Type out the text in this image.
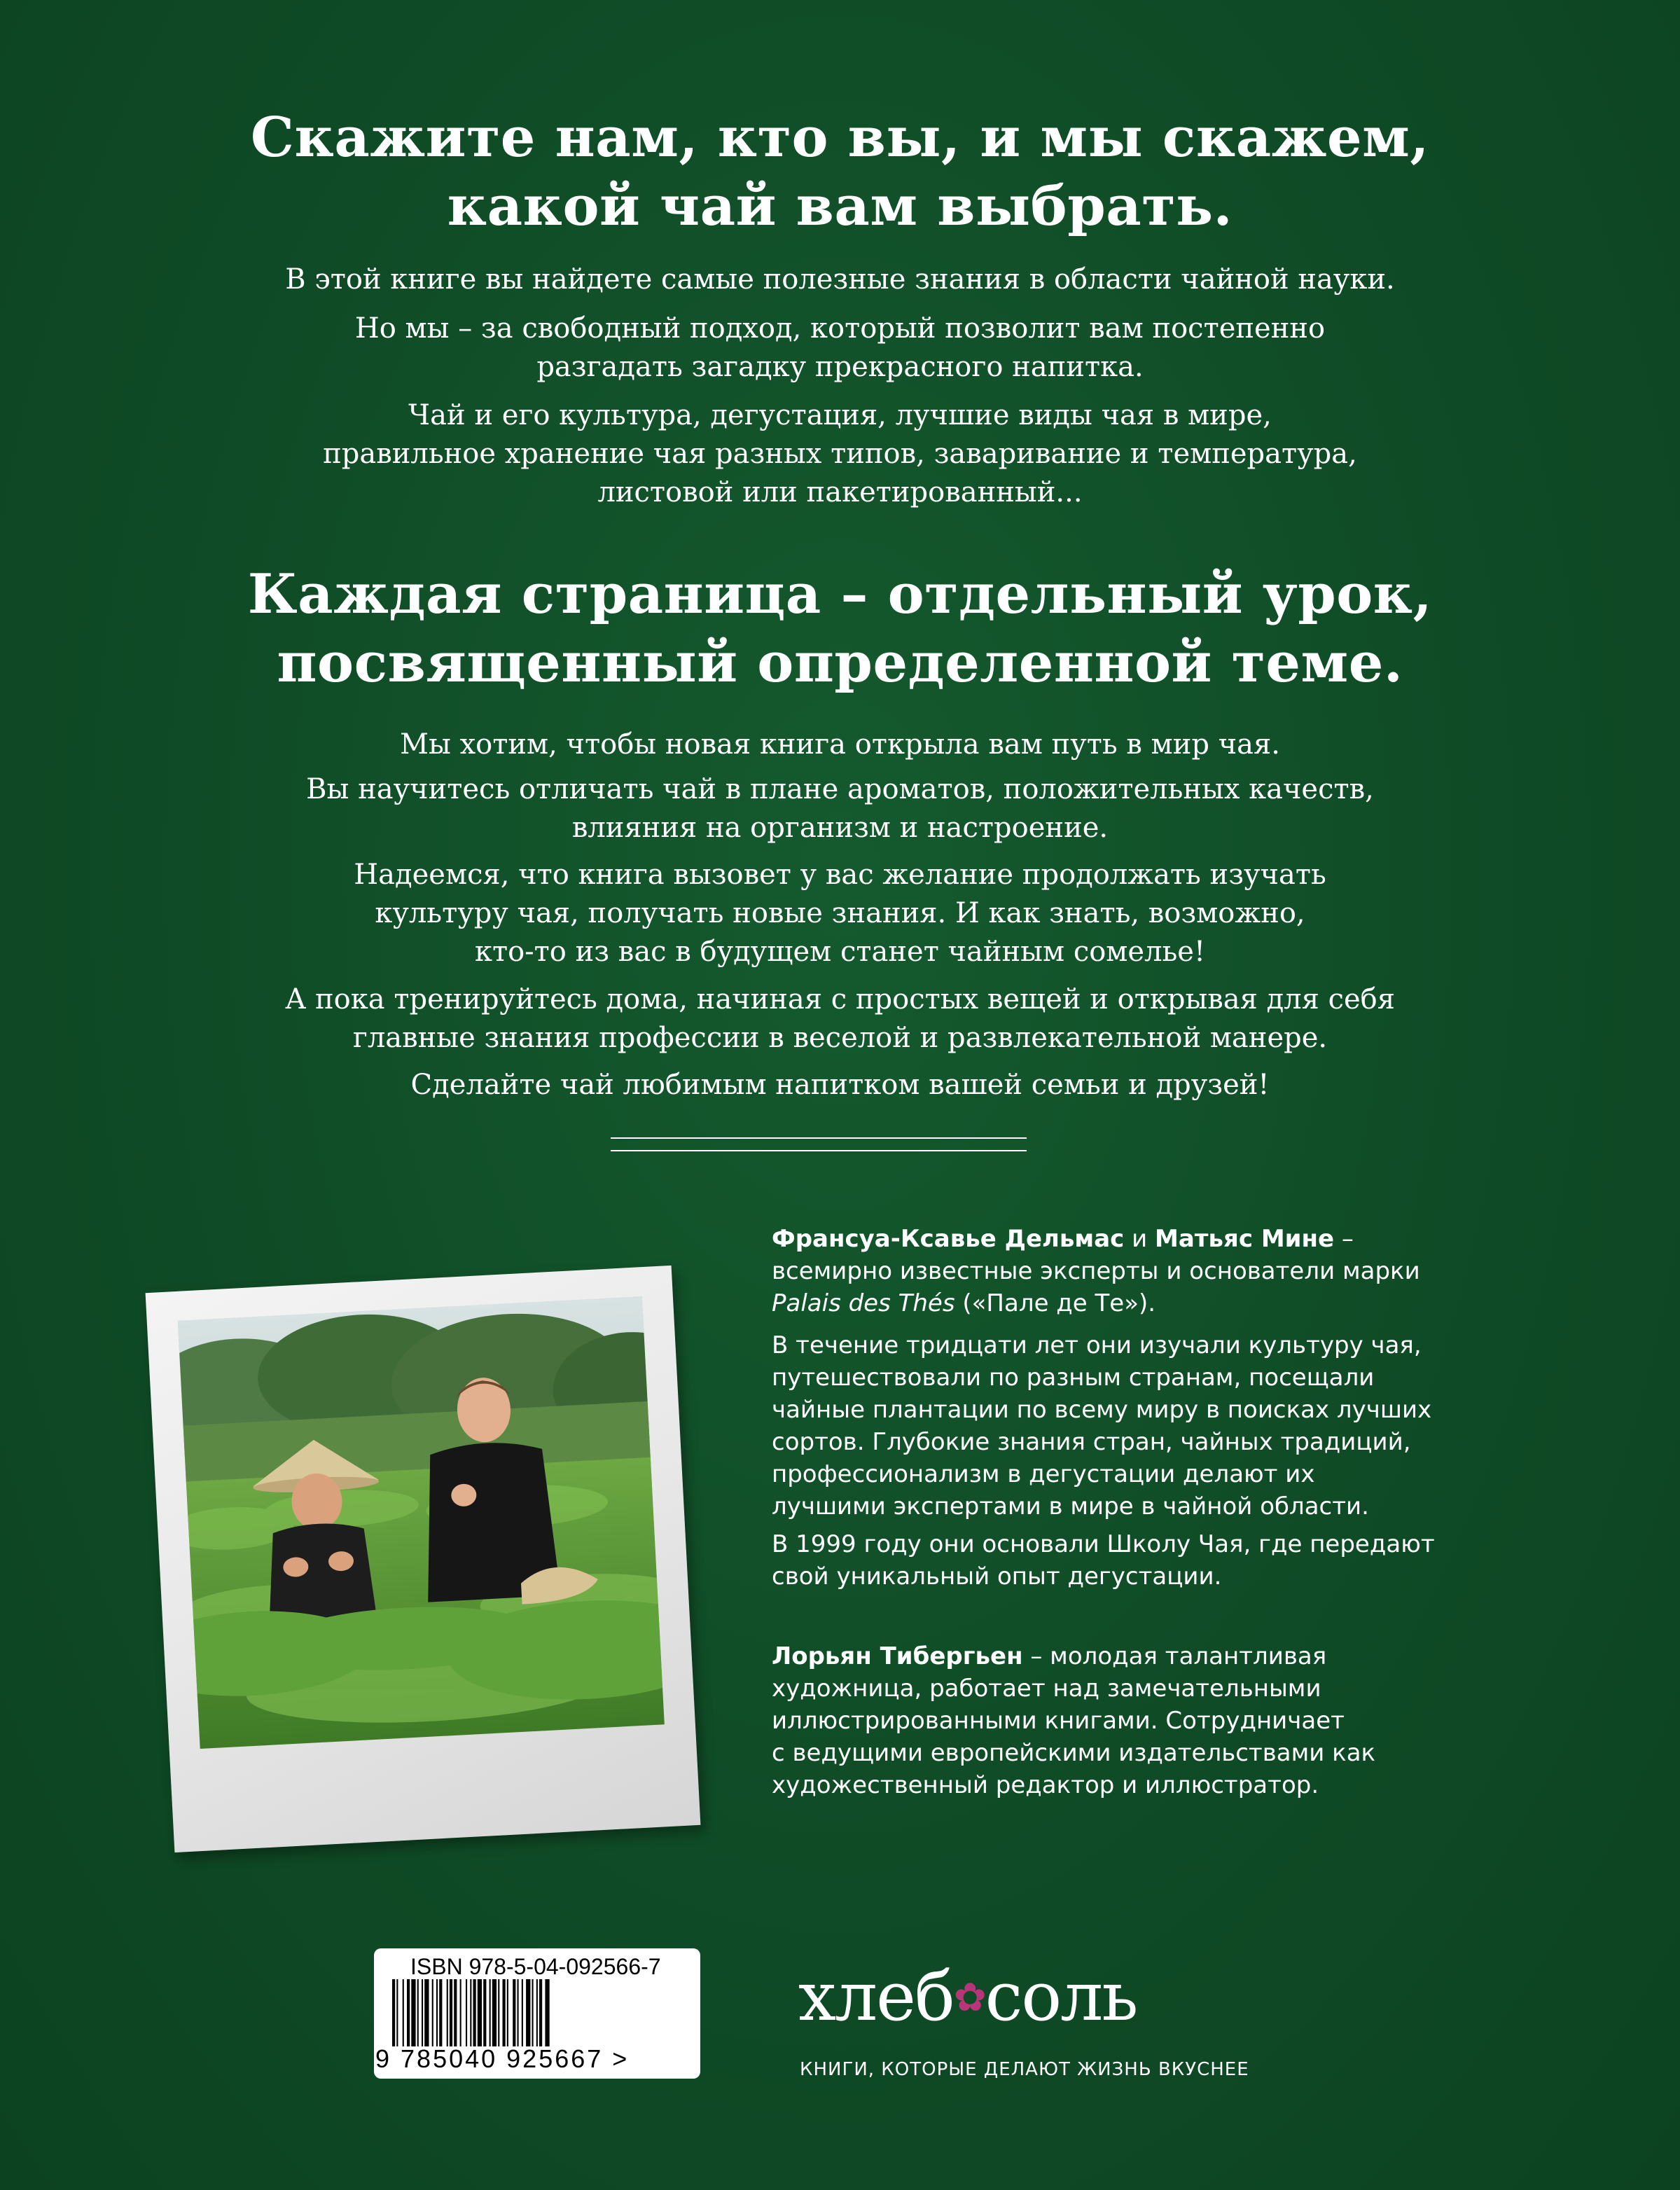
Скажите нам, кто вы, и мы скажем,
какой чай вам выбрать.

В этой книге вы найдете самые полезные знания в области чайной науки.

Но мы – за свободный подход, который позволит вам постепенно
разгадать загадку прекрасного напитка.

Чай и его культура, дегустация, лучшие виды чая в мире,
правильное хранение чая разных типов, заваривание и температура,
листовой или пакетированный...

Каждая страница – отдельный урок,
посвященный определенной теме.

Мы хотим, чтобы новая книга открыла вам путь в мир чая.

Вы научитесь отличать чай в плане ароматов, положительных качеств,
влияния на организм и настроение.

Надеемся, что книга вызовет у вас желание продолжать изучать
культуру чая, получать новые знания. И как знать, возможно,
кто-то из вас в будущем станет чайным сомелье!

А пока тренируйтесь дома, начиная с простых вещей и открывая для себя
главные знания профессии в веселой и развлекательной манере.

Сделайте чай любимым напитком вашей семьи и друзей!

Франсуа-Ксавье Дельмас и Матьяс Мине –
всемирно известные эксперты и основатели марки
Palais des Thés («Пале де Те»).

В течение тридцати лет они изучали культуру чая,
путешествовали по разным странам, посещали
чайные плантации по всему миру в поисках лучших
сортов. Глубокие знания стран, чайных традиций,
профессионализм в дегустации делают их
лучшими экспертами в мире в чайной области.

В 1999 году они основали Школу Чая, где передают
свой уникальный опыт дегустации.

Лорьян Тибергьен – молодая талантливая
художница, работает над замечательными
иллюстрированными книгами. Сотрудничает
с ведущими европейскими издательствами как
художественный редактор и иллюстратор.

ISBN 978-5-04-092566-7
9 785040 925667 >
хлеб✿соль
КНИГИ, КОТОРЫЕ ДЕЛАЮТ ЖИЗНЬ ВКУСНЕЕ
